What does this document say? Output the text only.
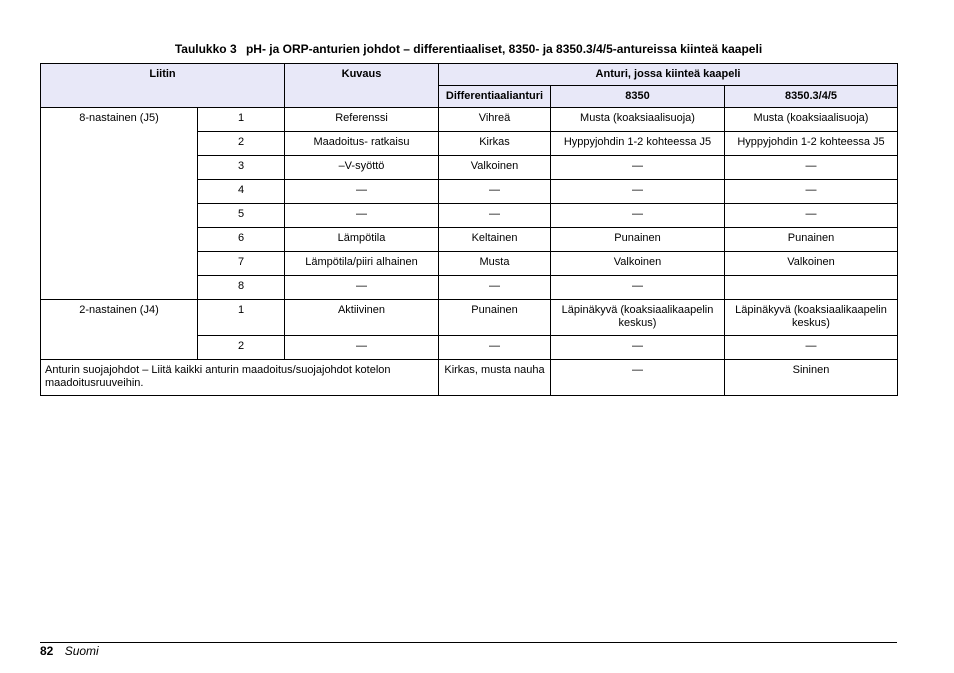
Taulukko 3 pH- ja ORP-anturien johdot – differentiaaliset, 8350- ja 8350.3/4/5-antureissa kiinteä kaapeli
Liitin		Kuvaus	Anturi, jossa kiinteä kaapeli		
			Differentiaalianturi	8350	8350.3/4/5
8-nastainen (J5)	1	Referenssi	Vihreä	Musta (koaksiaalisuoja)	Musta (koaksiaalisuoja)
	2	Maadoitus- ratkaisu	Kirkas	Hyppyjohdin 1-2 kohteessa J5	Hyppyjohdin 1-2 kohteessa J5
	3	–V-syöttö	Valkoinen	—	—
	4	—	—	—	—
	5	—	—	—	—
	6	Lämpötila	Keltainen	Punainen	Punainen
	7	Lämpötila/piiri alhainen	Musta	Valkoinen	Valkoinen
	8	—	—	—	
2-nastainen (J4)	1	Aktiivinen	Punainen	Läpinäkyvä (koaksiaalikaapelin keskus)	Läpinäkyvä (koaksiaalikaapelin keskus)
	2	—	—	—	—
Anturin suojajohdot – Liitä kaikki anturin maadoitus/suojajohdot kotelon maadoitusruuveihin.			Kirkas, musta nauha	—	Sininen
82 Suomi
